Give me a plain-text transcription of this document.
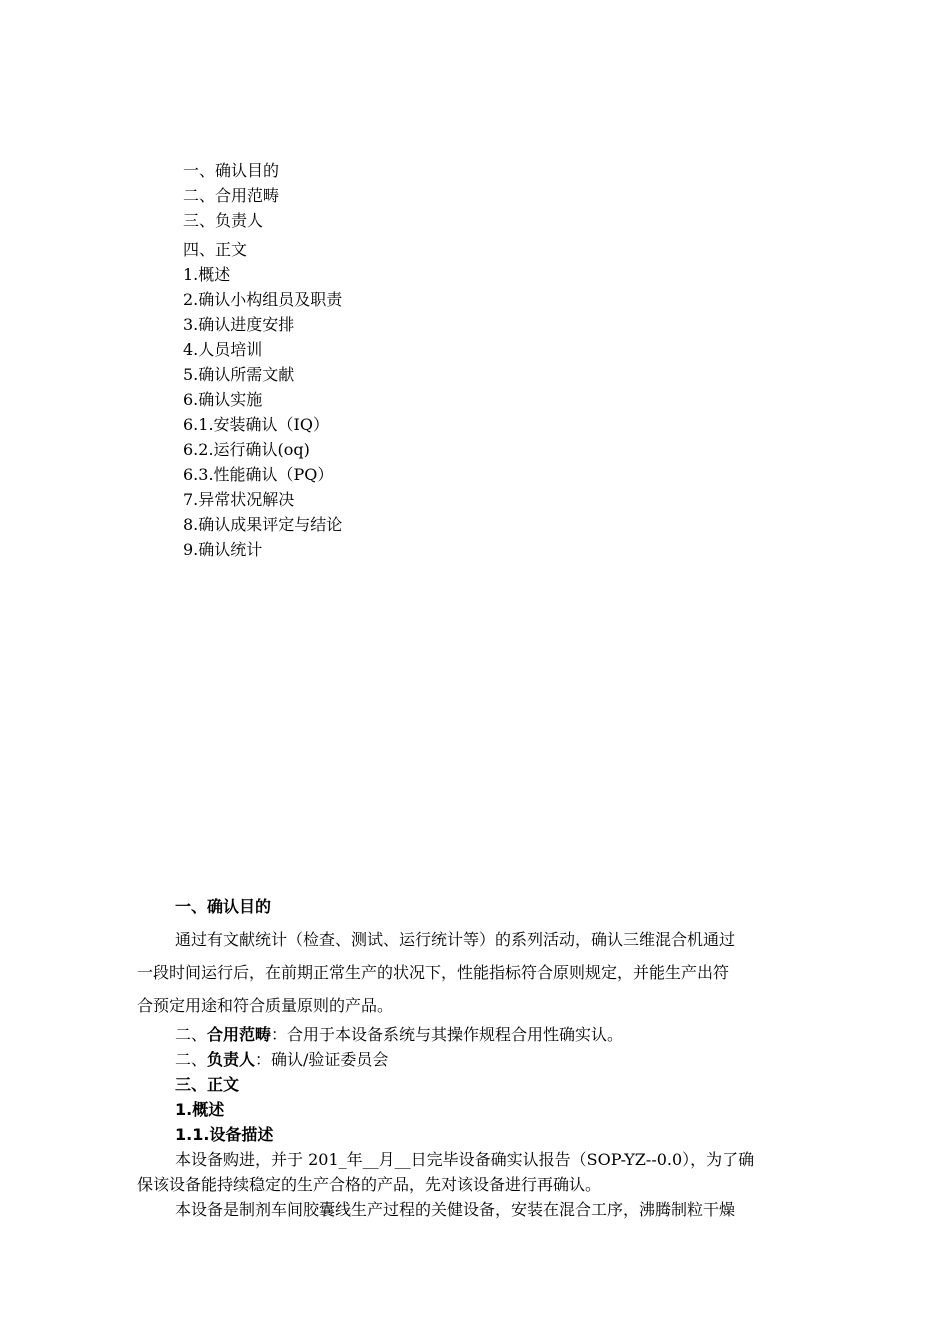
一、确认目的
二、合用范畴
三、负责人
四、正文
1.概述
2.确认小构组员及职责
3.确认进度安排
4.人员培训
5.确认所需文献
6.确认实施
6.1.安装确认（IQ）
6.2.运行确认(oq)
6.3.性能确认（PQ）
7.异常状况解决
8.确认成果评定与结论
9.确认统计
一、确认目的
通过有文献统计（检查、测试、运行统计等）的系列活动，确认三维混合机通过
一段时间运行后，在前期正常生产的状况下，性能指标符合原则规定，并能生产出符
合预定用途和符合质量原则的产品。
二、合用范畴：合用于本设备系统与其操作规程合用性确实认。
二、负责人：确认/验证委员会
三、正文
1.概述
1.1.设备描述
本设备购进，并于 201_年__月__日完毕设备确实认报告（SOP-YZ--0.0），为了确
保该设备能持续稳定的生产合格的产品，先对该设备进行再确认。
本设备是制剂车间胶囊线生产过程的关健设备，安装在混合工序，沸腾制粒干燥
